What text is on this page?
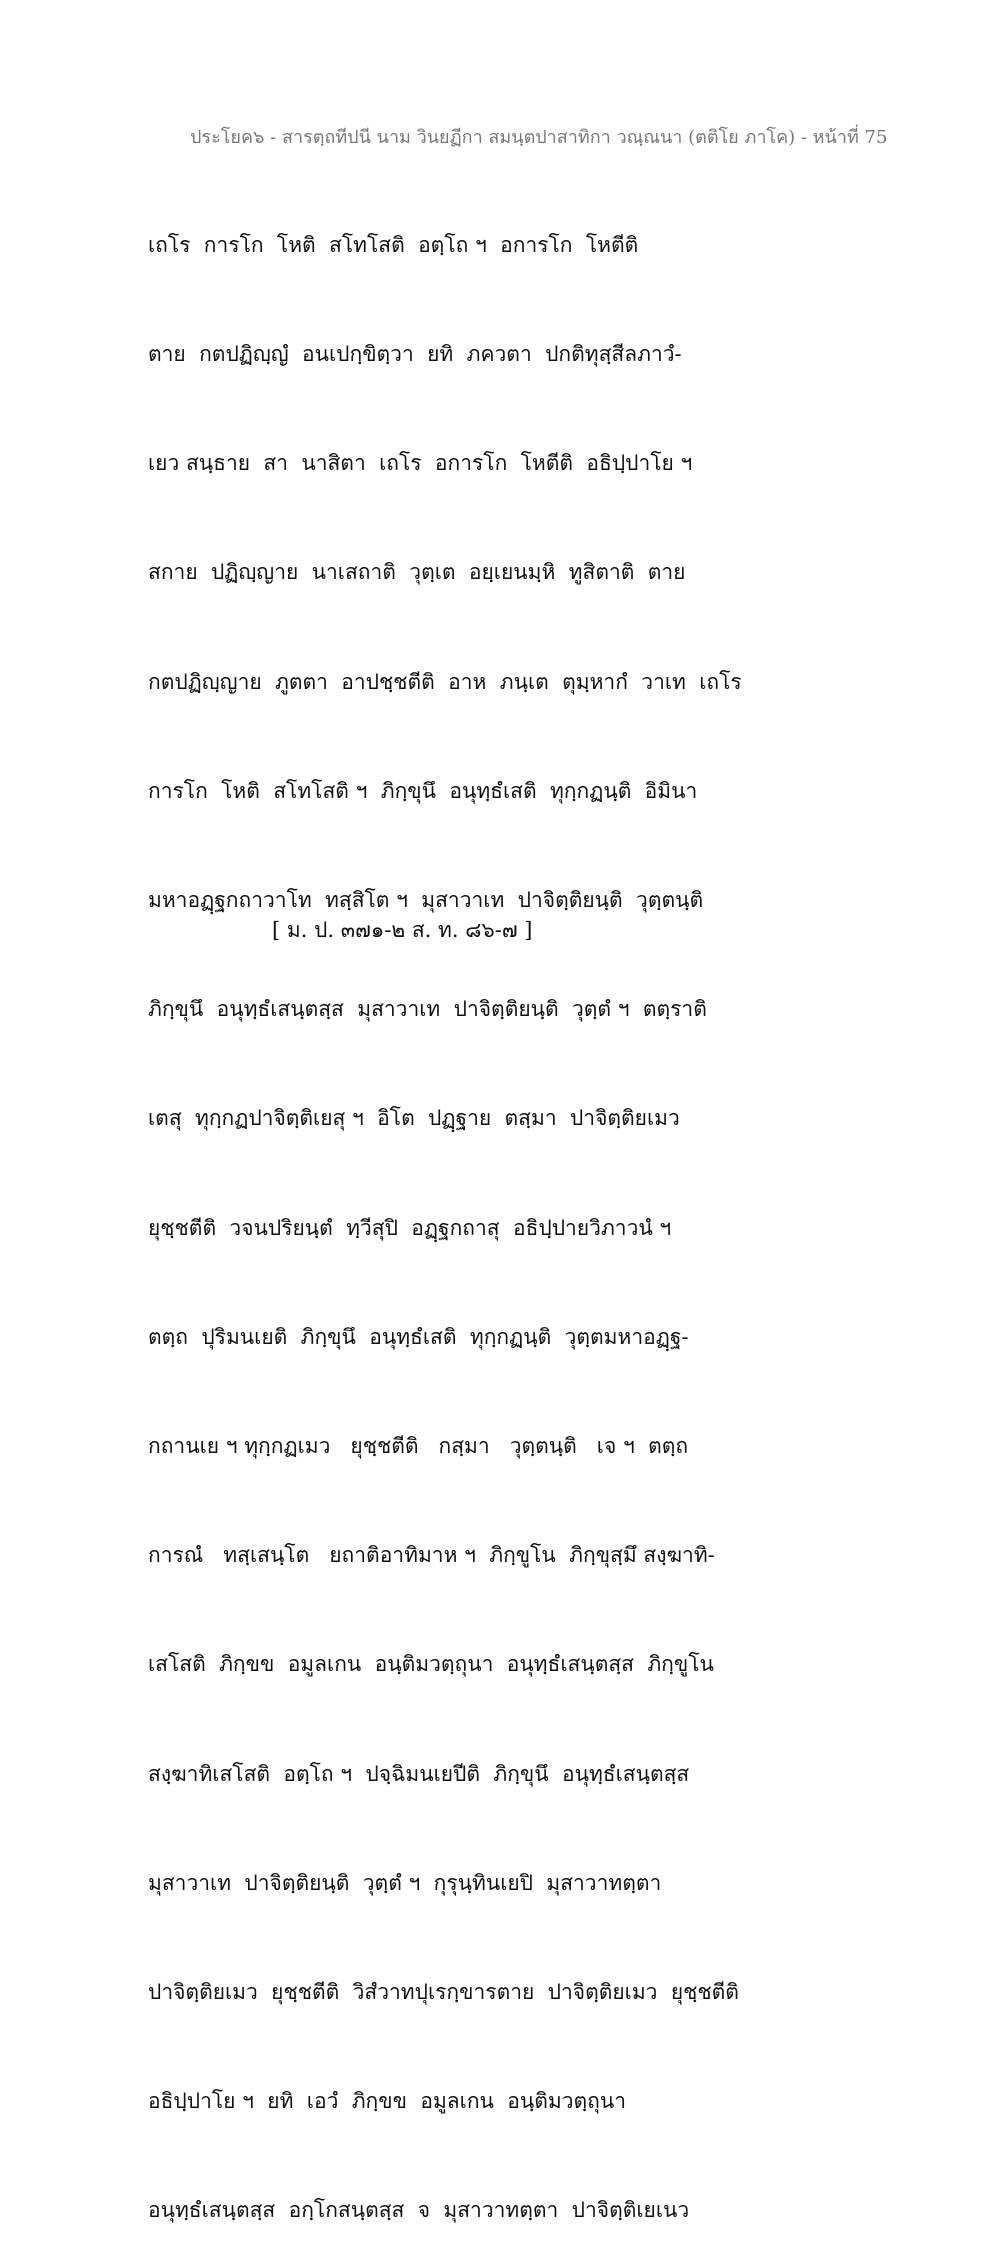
ประโยค๖ - สารตฺถทีปนี นาม วินยฏีกา สมนฺตปาสาทิกา วณฺณนา (ตติโย ภาโค) - หน้าที่ 75

เถโร  การโก  โหติ  สโทโสติ  อตฺโถ ฯ  อการโก  โหตีติ

ตาย  กตปฏิญฺญํ  อนเปกฺขิตฺวา  ยทิ  ภควตา  ปกติทุสฺสีลภาวํ-

เยว สนฺธาย  สา  นาสิตา  เถโร  อการโก  โหตีติ  อธิปฺปาโย ฯ

สกาย  ปฏิญฺญาย  นาเสถาติ  วุตฺเต  อยฺเยนมฺหิ  ทูสิตาติ  ตาย

กตปฏิญฺญาย  ภูตตา  อาปชฺชตีติ  อาห  ภนฺเต  ตุมฺหากํ  วาเท  เถโร

การโก  โหติ  สโทโสติ ฯ  ภิกฺขุนึ  อนุทฺธํเสติ  ทุกฺกฏนฺติ  อิมินา

มหาอฏฺฐกถาวาโท  ทสฺสิโต ฯ  มุสาวาเท  ปาจิตฺติยนฺติ  วุตฺตนฺติ

ภิกฺขุนึ  อนุทฺธํเสนฺตสฺส  มุสาวาเท  ปาจิตฺติยนฺติ  วุตฺตํ ฯ  ตตฺราติ

เตสุ  ทุกฺกฏปาจิตฺติเยสุ ฯ  อิโต  ปฏฺฐาย  ตสฺมา  ปาจิตฺติยเมว

ยุชฺชตีติ  วจนปริยนฺตํ  ทฺวีสุปิ  อฏฺฐกถาสุ  อธิปฺปายวิภาวนํ ฯ

ตตฺถ  ปุริมนเยติ  ภิกฺขุนึ  อนุทฺธํเสติ  ทุกฺกฏนฺติ  วุตฺตมหาอฏฺฐ-

กถานเย ฯ ทุกฺกฏเมว   ยุชฺชตีติ   กสฺมา   วุตฺตนฺติ   เจ ฯ  ตตฺถ

การณํ   ทสฺเสนฺโต   ยถาติอาทิมาห ฯ  ภิกฺขูโน  ภิกฺขุสฺมึ สงฺฆาทิ-

เสโสติ  ภิกฺขข  อมูลเกน  อนฺติมวตฺถุนา  อนุทฺธํเสนฺตสฺส  ภิกฺขูโน

สงฺฆาทิเสโสติ  อตฺโถ ฯ  ปจฺฉิมนเยปีติ  ภิกฺขุนึ  อนุทฺธํเสนฺตสฺส

มุสาวาเท  ปาจิตฺติยนฺติ  วุตฺตํ ฯ  กุรุนฺทินเยปิ  มุสาวาทตฺตา

ปาจิตฺติยเมว  ยุชฺชตีติ  วิสํวาทปุเรกฺขารตาย  ปาจิตฺติยเมว  ยุชฺชตีติ

อธิปฺปาโย ฯ  ยทิ  เอวํ  ภิกฺขข  อมูลเกน  อนฺติมวตฺถุนา

อนุทฺธํเสนฺตสฺส  อกฺโกสนฺตสฺส  จ  มุสาวาทตฺตา  ปาจิตฺติเยเนว

[ ม. ป. ๓๗๑-๒ ส. ท. ๘๖-๗ ]
